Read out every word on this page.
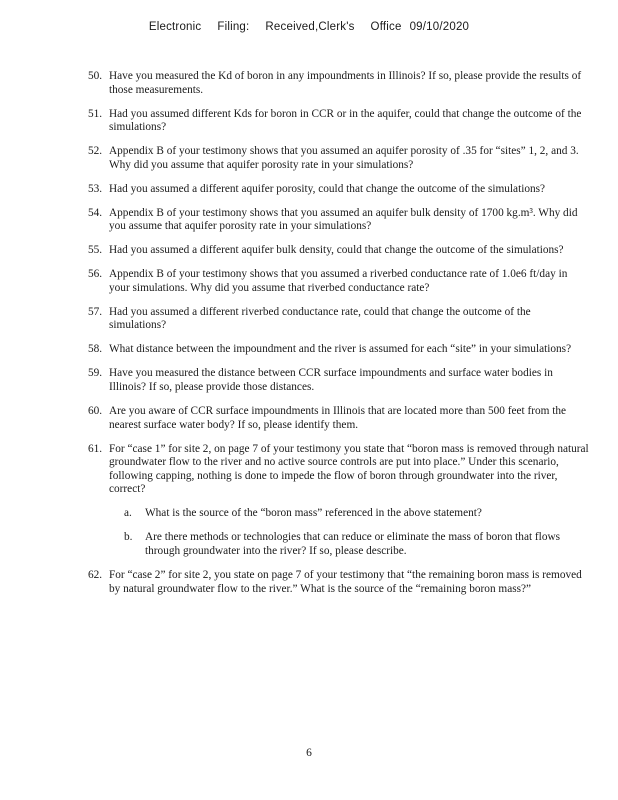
Electronic Filing: Received,Clerk's Office 09/10/2020
50. Have you measured the Kd of boron in any impoundments in Illinois? If so, please provide the results of those measurements.
51. Had you assumed different Kds for boron in CCR or in the aquifer, could that change the outcome of the simulations?
52. Appendix B of your testimony shows that you assumed an aquifer porosity of .35 for “sites” 1, 2, and 3. Why did you assume that aquifer porosity rate in your simulations?
53. Had you assumed a different aquifer porosity, could that change the outcome of the simulations?
54. Appendix B of your testimony shows that you assumed an aquifer bulk density of 1700 kg.m³. Why did you assume that aquifer porosity rate in your simulations?
55. Had you assumed a different aquifer bulk density, could that change the outcome of the simulations?
56. Appendix B of your testimony shows that you assumed a riverbed conductance rate of 1.0e6 ft/day in your simulations. Why did you assume that riverbed conductance rate?
57. Had you assumed a different riverbed conductance rate, could that change the outcome of the simulations?
58. What distance between the impoundment and the river is assumed for each “site” in your simulations?
59. Have you measured the distance between CCR surface impoundments and surface water bodies in Illinois? If so, please provide those distances.
60. Are you aware of CCR surface impoundments in Illinois that are located more than 500 feet from the nearest surface water body? If so, please identify them.
61. For “case 1” for site 2, on page 7 of your testimony you state that “boron mass is removed through natural groundwater flow to the river and no active source controls are put into place.” Under this scenario, following capping, nothing is done to impede the flow of boron through groundwater into the river, correct?
a.	What is the source of the “boron mass” referenced in the above statement?
b.	Are there methods or technologies that can reduce or eliminate the mass of boron that flows through groundwater into the river? If so, please describe.
62. For “case 2” for site 2, you state on page 7 of your testimony that “the remaining boron mass is removed by natural groundwater flow to the river.” What is the source of the “remaining boron mass?”
6
